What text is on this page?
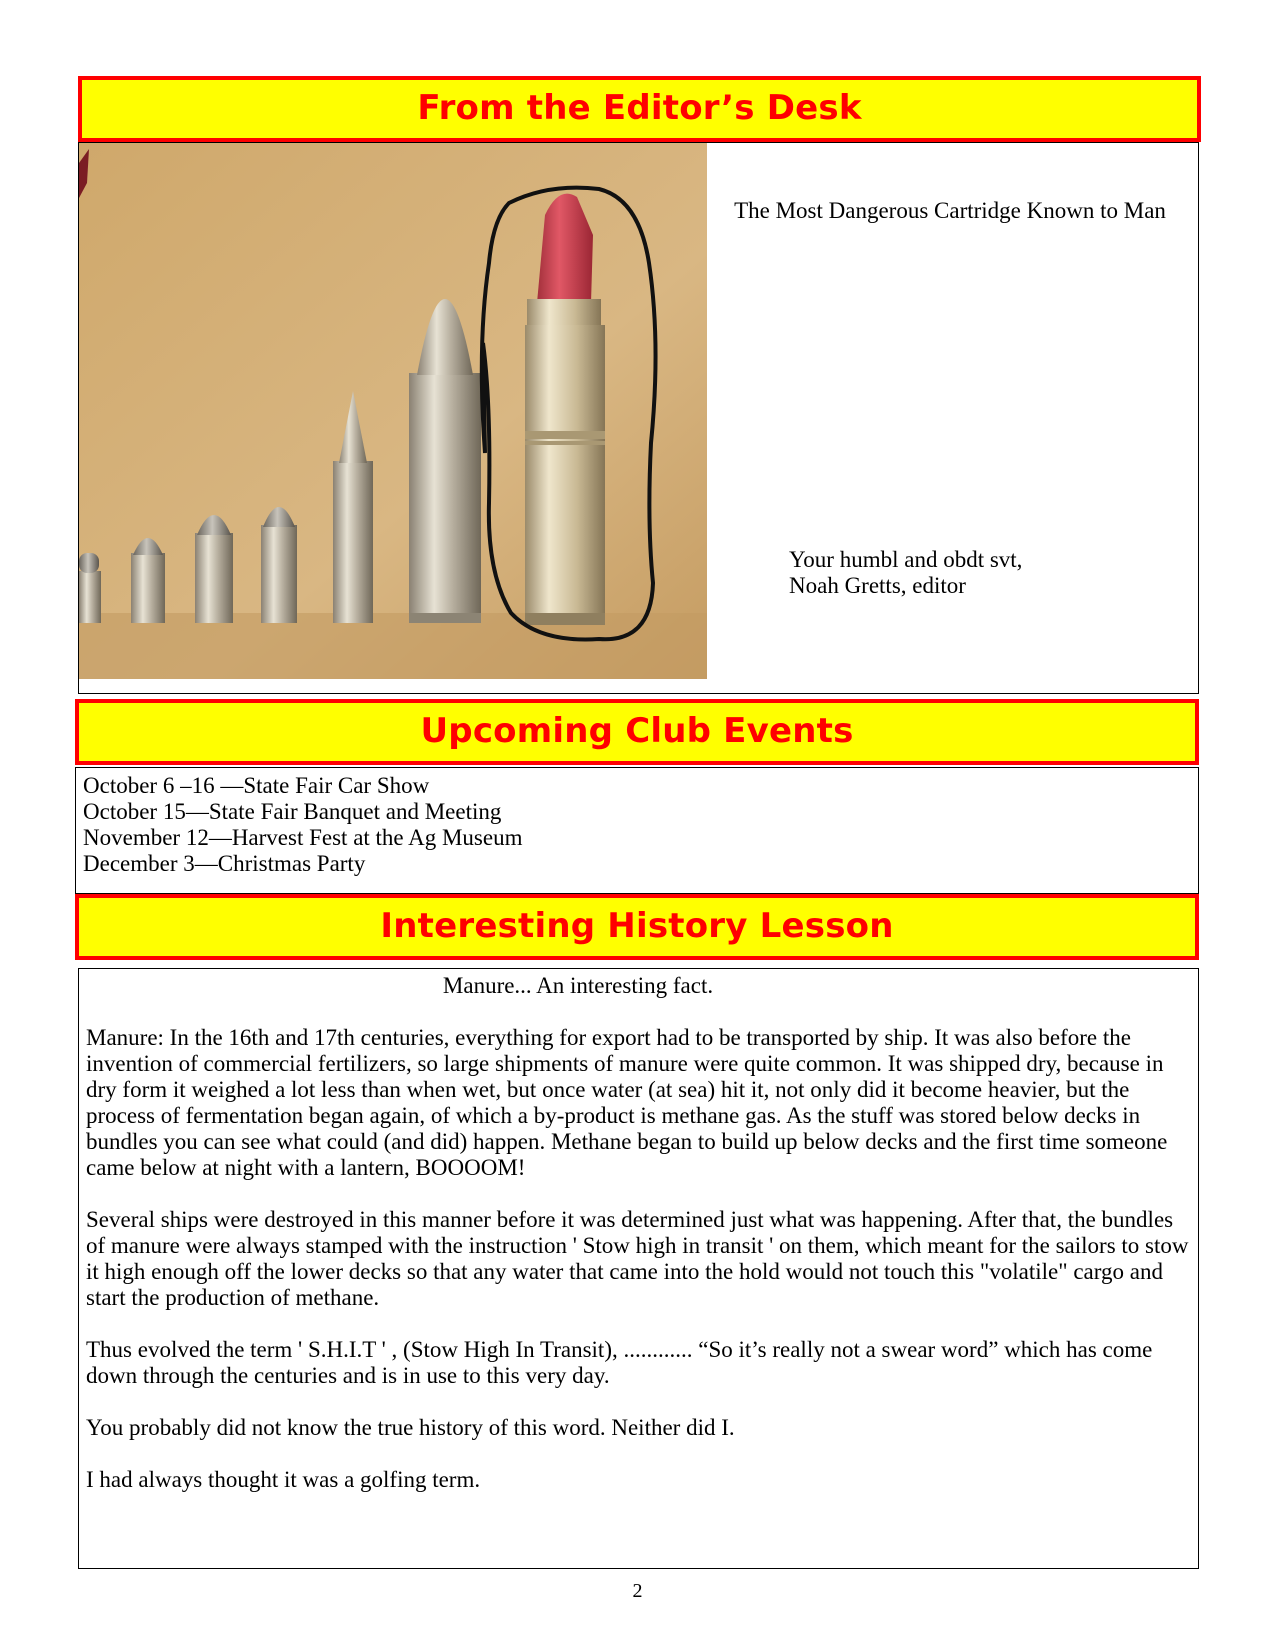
From the Editor’s Desk
The Most Dangerous Cartridge Known to Man
Your humbl and obdt svt,
Noah Gretts, editor
Upcoming Club Events

October 6 –16 —State Fair Car Show

October 15—State Fair Banquet and Meeting

November 12—Harvest Fest at the Ag Museum

December 3—Christmas Party

Interesting History Lesson

Manure... An interesting fact.

Manure: In the 16th and 17th centuries, everything for export had to be transported by ship. It was also before the invention of commercial fertilizers, so large shipments of manure were quite common. It was shipped dry, because in dry form it weighed a lot less than when wet, but once water (at sea) hit it, not only did it become heavier, but the process of fermentation began again, of which a by-product is methane gas. As the stuff was stored below decks in bundles you can see what could (and did) happen. Methane began to build up below decks and the first time someone came below at night with a lantern, BOOOOM!

Several ships were destroyed in this manner before it was determined just what was happening. After that, the bundles of manure were always stamped with the instruction ' Stow high in transit ' on them, which meant for the sailors to stow it high enough off the lower decks so that any water that came into the hold would not touch this "volatile" cargo and start the production of methane.

Thus evolved the term ' S.H.I.T ' , (Stow High In Transit), ............ “So it’s really not a swear word” which has come down through the centuries and is in use to this very day.

You probably did not know the true history of this word. Neither did I.

I had always thought it was a golfing term.

2
